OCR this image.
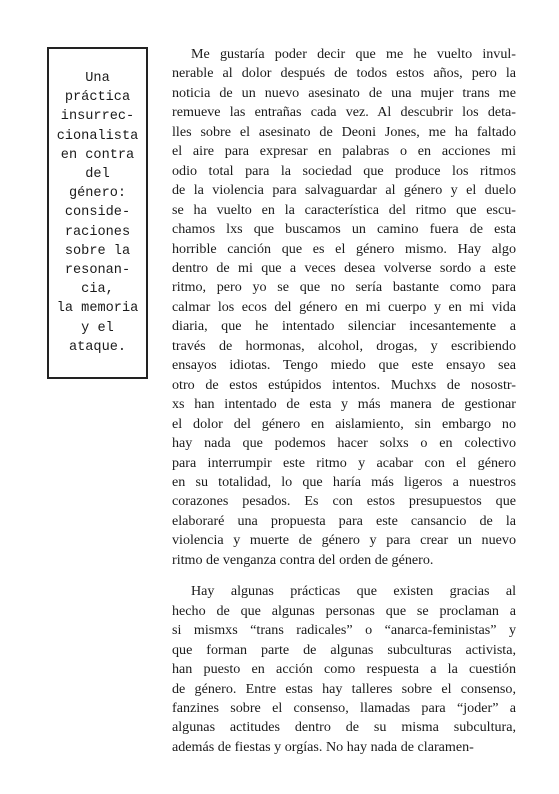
Una
práctica
insurrec-
cionalista
en contra
del
género:
conside-
raciones
sobre la
resonan-
cia,
la memoria
y el
ataque.
Me gustaría poder decir que me he vuelto invul-
nerable al dolor después de todos estos años, pero la
noticia de un nuevo asesinato de una mujer trans me
remueve las entrañas cada vez. Al descubrir los deta-
lles sobre el asesinato de Deoni Jones, me ha faltado
el aire para expresar en palabras o en acciones mi
odio total para la sociedad que produce los ritmos
de la violencia para salvaguardar al género y el duelo
se ha vuelto en la característica del ritmo que escu-
chamos lxs que buscamos un camino fuera de esta
horrible canción que es el género mismo. Hay algo
dentro de mi que a veces desea volverse sordo a este
ritmo, pero yo se que no sería bastante como para
calmar los ecos del género en mi cuerpo y en mi vida
diaria, que he intentado silenciar incesantemente a
través de hormonas, alcohol, drogas, y escribiendo
ensayos idiotas. Tengo miedo que este ensayo sea
otro de estos estúpidos intentos. Muchxs de nosostr-
xs han intentado de esta y más manera de gestionar
el dolor del género en aislamiento, sin embargo no
hay nada que podemos hacer solxs o en colectivo
para interrumpir este ritmo y acabar con el género
en su totalidad, lo que haría más ligeros a nuestros
corazones pesados. Es con estos presupuestos que
elaboraré una propuesta para este cansancio de la
violencia y muerte de género y para crear un nuevo
ritmo de venganza contra del orden de género.
Hay algunas prácticas que existen gracias al
hecho de que algunas personas que se proclaman a
si mismxs “trans radicales” o “anarca-feministas” y
que forman parte de algunas subculturas activista,
han puesto en acción como respuesta a la cuestión
de género. Entre estas hay talleres sobre el consenso,
fanzines sobre el consenso, llamadas para “joder” a
algunas actitudes dentro de su misma subcultura,
además de fiestas y orgías. No hay nada de claramen-
